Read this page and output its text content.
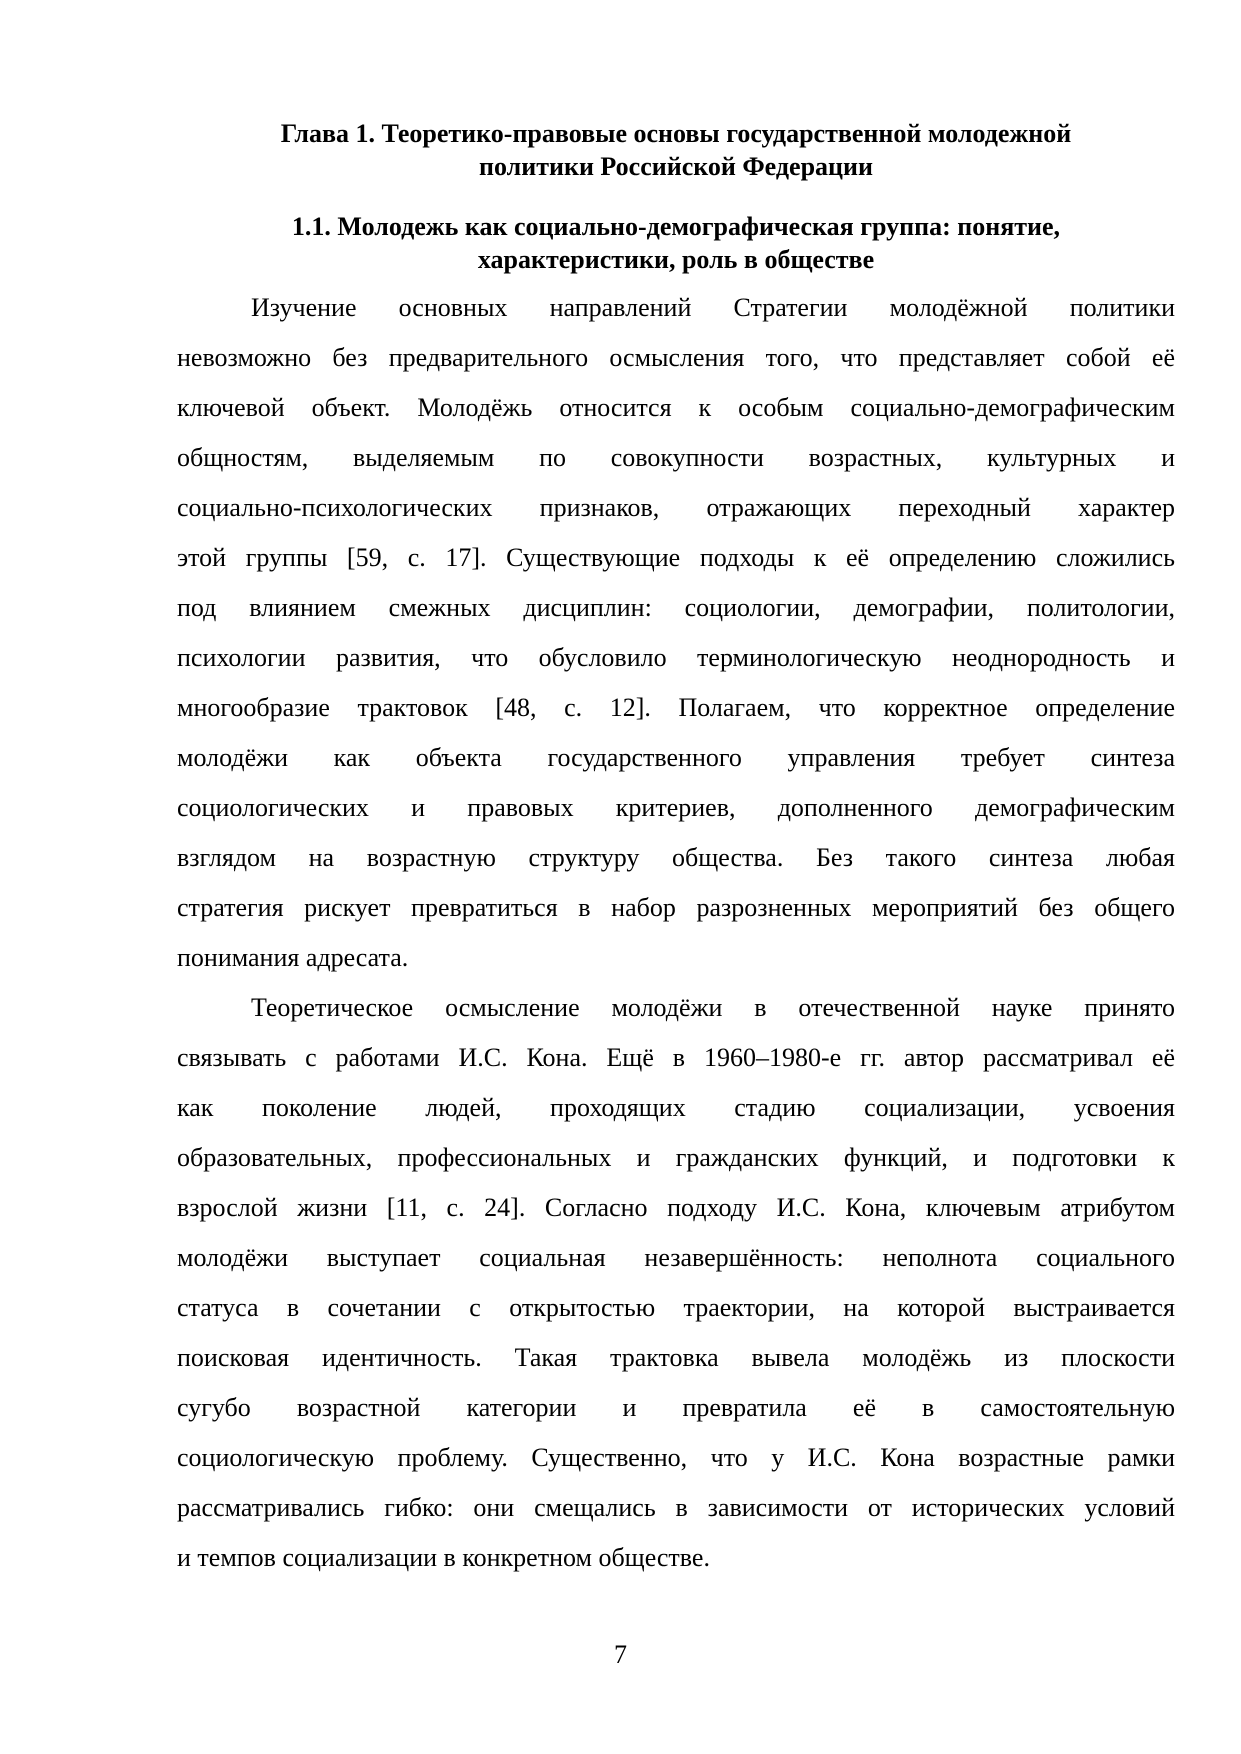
Глава 1. Теоретико-правовые основы государственной молодежной
политики Российской Федерации
1.1. Молодежь как социально-демографическая группа: понятие,
характеристики, роль в обществе
Изучение основных направлений Стратегии молодёжной политики
невозможно без предварительного осмысления того, что представляет собой её
ключевой объект. Молодёжь относится к особым социально-демографическим
общностям, выделяемым по совокупности возрастных, культурных и
социально-психологических признаков, отражающих переходный характер
этой группы [59, с. 17]. Существующие подходы к её определению сложились
под влиянием смежных дисциплин: социологии, демографии, политологии,
психологии развития, что обусловило терминологическую неоднородность и
многообразие трактовок [48, с. 12]. Полагаем, что корректное определение
молодёжи как объекта государственного управления требует синтеза
социологических и правовых критериев, дополненного демографическим
взглядом на возрастную структуру общества. Без такого синтеза любая
стратегия рискует превратиться в набор разрозненных мероприятий без общего
понимания адресата.
Теоретическое осмысление молодёжи в отечественной науке принято
связывать с работами И.С. Кона. Ещё в 1960–1980-е гг. автор рассматривал её
как поколение людей, проходящих стадию социализации, усвоения
образовательных, профессиональных и гражданских функций, и подготовки к
взрослой жизни [11, с. 24]. Согласно подходу И.С. Кона, ключевым атрибутом
молодёжи выступает социальная незавершённость: неполнота социального
статуса в сочетании с открытостью траектории, на которой выстраивается
поисковая идентичность. Такая трактовка вывела молодёжь из плоскости
сугубо возрастной категории и превратила её в самостоятельную
социологическую проблему. Существенно, что у И.С. Кона возрастные рамки
рассматривались гибко: они смещались в зависимости от исторических условий
и темпов социализации в конкретном обществе.
7
